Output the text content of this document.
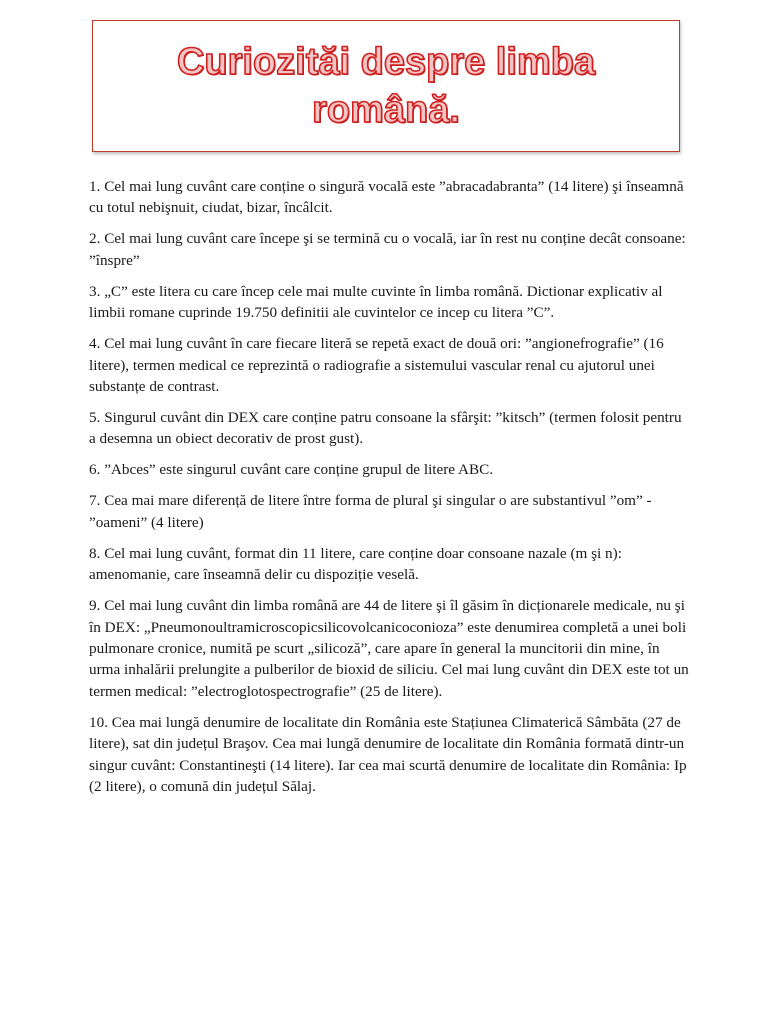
Curiozităi despre limba română.

1. Cel mai lung cuvânt care conține o singură vocală este ”abracadabranta” (14 litere) şi înseamnă cu totul nebişnuit, ciudat, bizar, încâlcit.

2. Cel mai lung cuvânt care începe şi se termină cu o vocală, iar în rest nu conține decât consoane: ”înspre”

3. „C” este litera cu care încep cele mai multe cuvinte în limba română. Dictionar explicativ al limbii romane cuprinde 19.750 definitii ale cuvintelor ce incep cu litera ”C”.

4. Cel mai lung cuvânt în care fiecare literă se repetă exact de două ori: ”angionefrografie” (16 litere), termen medical ce reprezintă o radiografie a sistemului vascular renal cu ajutorul unei substanțe de contrast.

5. Singurul cuvânt din DEX care conține patru consoane la sfârşit: ”kitsch” (termen folosit pentru a desemna un obiect decorativ de prost gust).

6. ”Abces” este singurul cuvânt care conține grupul de litere ABC.

7. Cea mai mare diferență de litere între forma de plural şi singular o are substantivul ”om” - ”oameni” (4 litere)

8. Cel mai lung cuvânt, format din 11 litere, care conține doar consoane nazale (m şi n): amenomanie, care înseamnă delir cu dispoziție veselă.

9. Cel mai lung cuvânt din limba română are 44 de litere şi îl găsim în dicționarele medicale, nu şi în DEX: „Pneumonoultramicroscopicsilicovolcanicoconioza” este denumirea completă a unei boli pulmonare cronice, numită pe scurt „silicoză”, care apare în general la muncitorii din mine, în urma inhalării prelungite a pulberilor de bioxid de siliciu. Cel mai lung cuvânt din DEX este tot un termen medical: ”electroglotospectrografie” (25 de litere).

10. Cea mai lungă denumire de localitate din România este Stațiunea Climaterică Sâmbăta (27 de litere), sat din județul Braşov. Cea mai lungă denumire de localitate din România formată dintr-un singur cuvânt: Constantineşti (14 litere). Iar cea mai scurtă denumire de localitate din România: Ip (2 litere), o comună din județul Sălaj.
